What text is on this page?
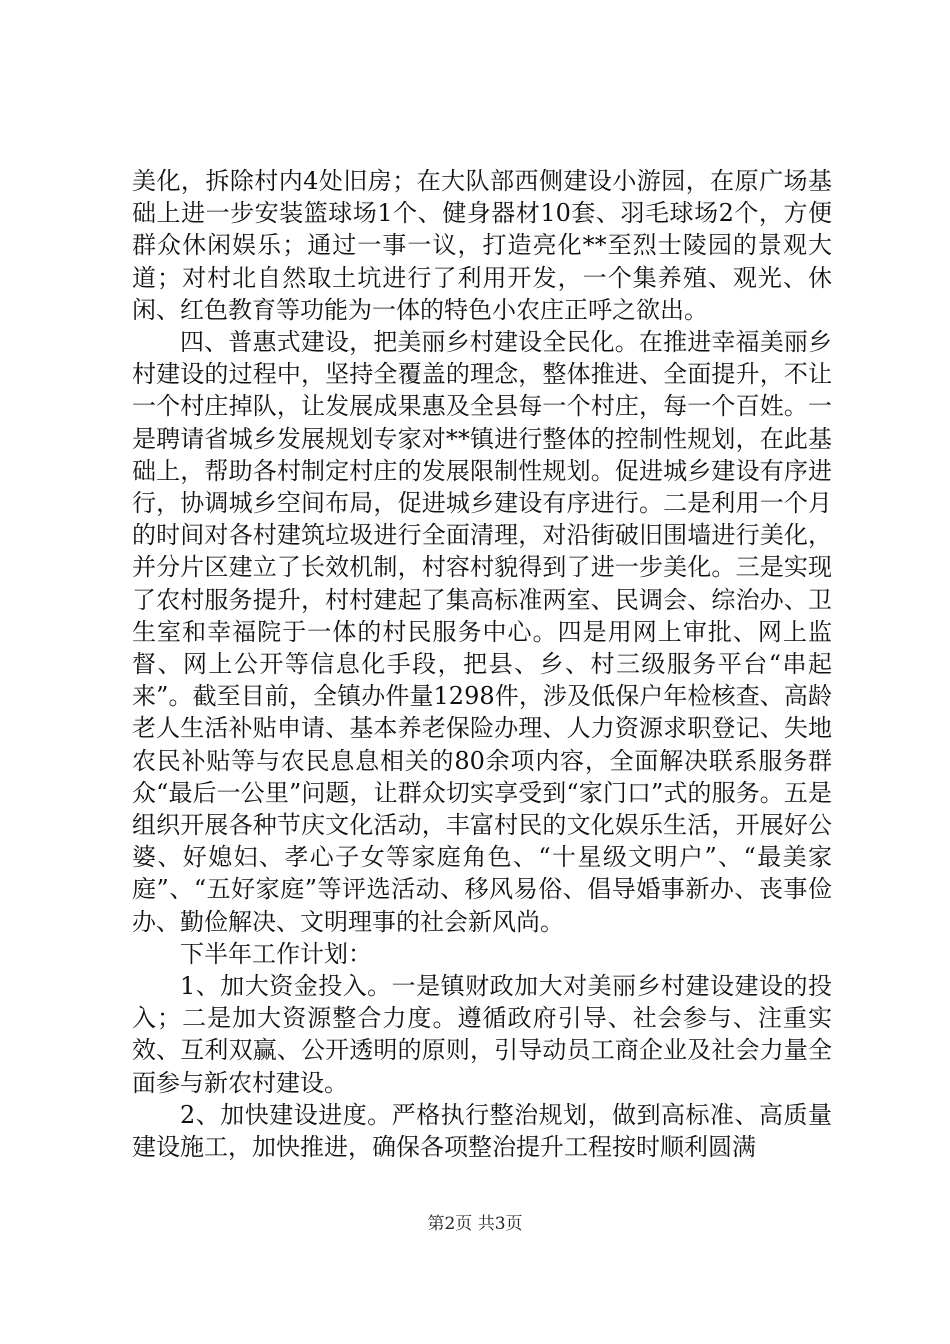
美化，拆除村内4处旧房；在大队部西侧建设小游园，在原广场基础上进一步安装篮球场1个、健身器材10套、羽毛球场2个，方便群众休闲娱乐；通过一事一议，打造亮化**至烈士陵园的景观大道；对村北自然取土坑进行了利用开发，一个集养殖、观光、休闲、红色教育等功能为一体的特色小农庄正呼之欲出。

四、普惠式建设，把美丽乡村建设全民化。在推进幸福美丽乡村建设的过程中，坚持全覆盖的理念，整体推进、全面提升，不让一个村庄掉队，让发展成果惠及全县每一个村庄，每一个百姓。一是聘请省城乡发展规划专家对**镇进行整体的控制性规划，在此基础上，帮助各村制定村庄的发展限制性规划。促进城乡建设有序进行，协调城乡空间布局，促进城乡建设有序进行。二是利用一个月的时间对各村建筑垃圾进行全面清理，对沿街破旧围墙进行美化，并分片区建立了长效机制，村容村貌得到了进一步美化。三是实现了农村服务提升，村村建起了集高标准两室、民调会、综治办、卫生室和幸福院于一体的村民服务中心。四是用网上审批、网上监督、网上公开等信息化手段，把县、乡、村三级服务平台“串起来”。截至目前，全镇办件量1298件，涉及低保户年检核查、高龄老人生活补贴申请、基本养老保险办理、人力资源求职登记、失地农民补贴等与农民息息相关的80余项内容，全面解决联系服务群众“最后一公里”问题，让群众切实享受到“家门口”式的服务。五是组织开展各种节庆文化活动，丰富村民的文化娱乐生活，开展好公婆、好媳妇、孝心子女等家庭角色、“十星级文明户”、“最美家庭”、“五好家庭”等评选活动、移风易俗、倡导婚事新办、丧事俭办、勤俭解决、文明理事的社会新风尚。

下半年工作计划：

1、加大资金投入。一是镇财政加大对美丽乡村建设建设的投入；二是加大资源整合力度。遵循政府引导、社会参与、注重实效、互利双赢、公开透明的原则，引导动员工商企业及社会力量全面参与新农村建设。

2、加快建设进度。严格执行整治规划，做到高标准、高质量建设施工，加快推进，确保各项整治提升工程按时顺利圆满

第2页 共3页
